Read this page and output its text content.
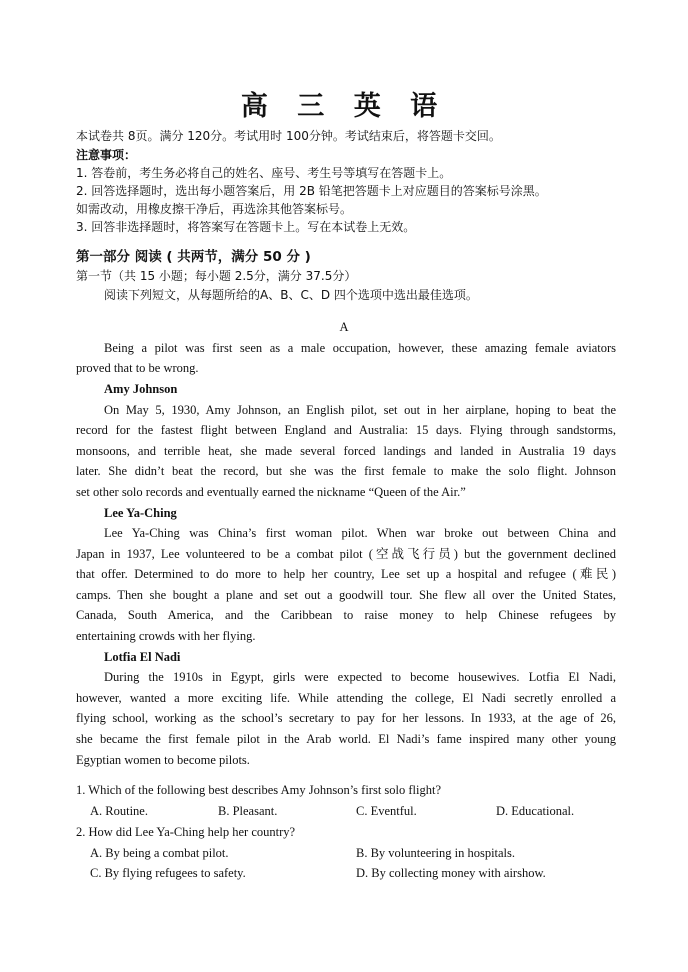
高 三 英 语
本试卷共 8页。满分 120分。考试用时 100分钟。考试结束后，将答题卡交回。
注意事项：
1. 答卷前，考生务必将自己的姓名、座号、考生号等填写在答题卡上。
2. 回答选择题时，选出每小题答案后，用 2B 铅笔把答题卡上对应题目的答案标号涂黑。
如需改动，用橡皮擦干净后，再选涂其他答案标号。
3. 回答非选择题时，将答案写在答题卡上。写在本试卷上无效。
第一部分 阅读 ( 共两节，满分 50 分 )
第一节（共 15 小题；每小题 2.5分，满分 37.5分）
阅读下列短文，从每题所给的A、B、C、D 四个选项中选出最佳选项。
A
Being a pilot was first seen as a male occupation, however, these amazing female aviators
proved that to be wrong.
Amy Johnson
On May 5, 1930, Amy Johnson, an English pilot, set out in her airplane, hoping to beat the
record for the fastest flight between England and Australia: 15 days. Flying through sandstorms,
monsoons, and terrible heat, she made several forced landings and landed in Australia 19 days
later. She didn’t beat the record, but she was the first female to make the solo flight. Johnson
set other solo records and eventually earned the nickname “Queen of the Air.”
Lee Ya-Ching
Lee Ya-Ching was China’s first woman pilot. When war broke out between China and
Japan in 1937, Lee volunteered to be a combat pilot (空战飞行员) but the government declined
that offer. Determined to do more to help her country, Lee set up a hospital and refugee (难民)
camps. Then she bought a plane and set out a goodwill tour. She flew all over the United States,
Canada, South America, and the Caribbean to raise money to help Chinese refugees by
entertaining crowds with her flying.
Lotfia El Nadi
During the 1910s in Egypt, girls were expected to become housewives. Lotfia El Nadi,
however, wanted a more exciting life. While attending the college, El Nadi secretly enrolled a
flying school, working as the school’s secretary to pay for her lessons. In 1933, at the age of 26,
she became the first female pilot in the Arab world. El Nadi’s fame inspired many other young
Egyptian women to become pilots.
1. Which of the following best describes Amy Johnson’s first solo flight?
A. Routine.	B. Pleasant.	C. Eventful.	D. Educational.
2. How did Lee Ya-Ching help her country?
A. By being a combat pilot.	B. By volunteering in hospitals.
C. By flying refugees to safety.	D. By collecting money with airshow.
